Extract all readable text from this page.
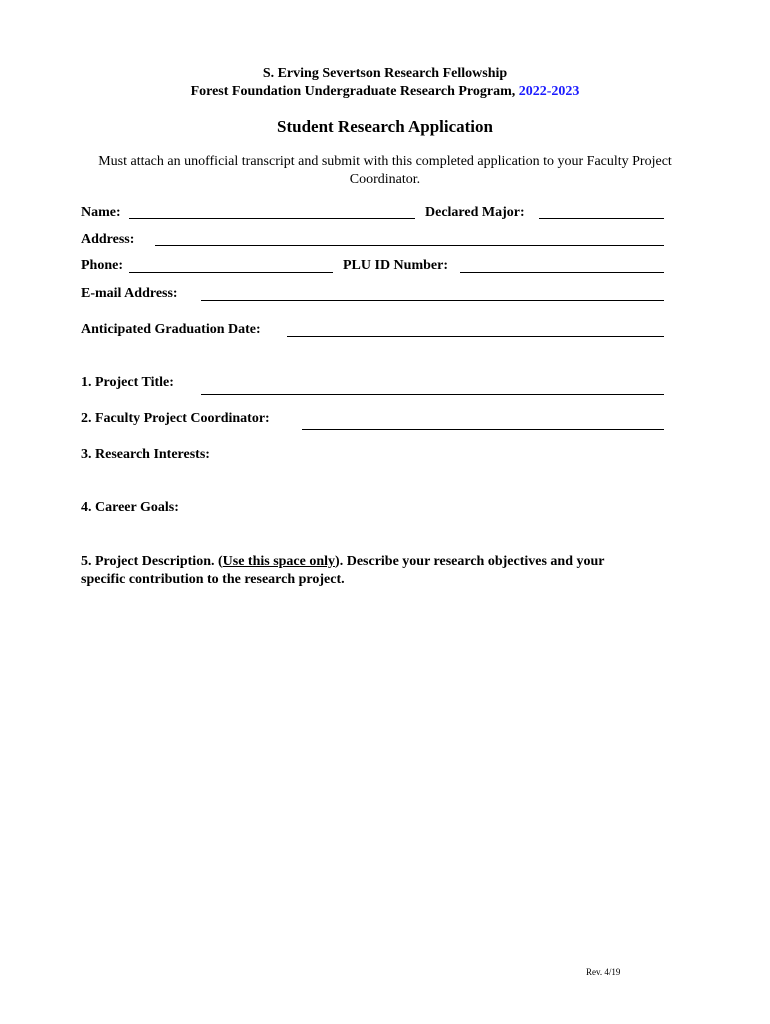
S. Erving Severtson Research Fellowship
Forest Foundation Undergraduate Research Program, 2022-2023
Student Research Application
Must attach an unofficial transcript and submit with this completed application to your Faculty Project Coordinator.
Name:	Declared Major:
Address:
Phone:	PLU ID Number:
E-mail Address:
Anticipated Graduation Date:
1. Project Title:
2. Faculty Project Coordinator:
3. Research Interests:
4. Career Goals:
5. Project Description. (Use this space only). Describe your research objectives and your
specific contribution to the research project.
Rev. 4/19
